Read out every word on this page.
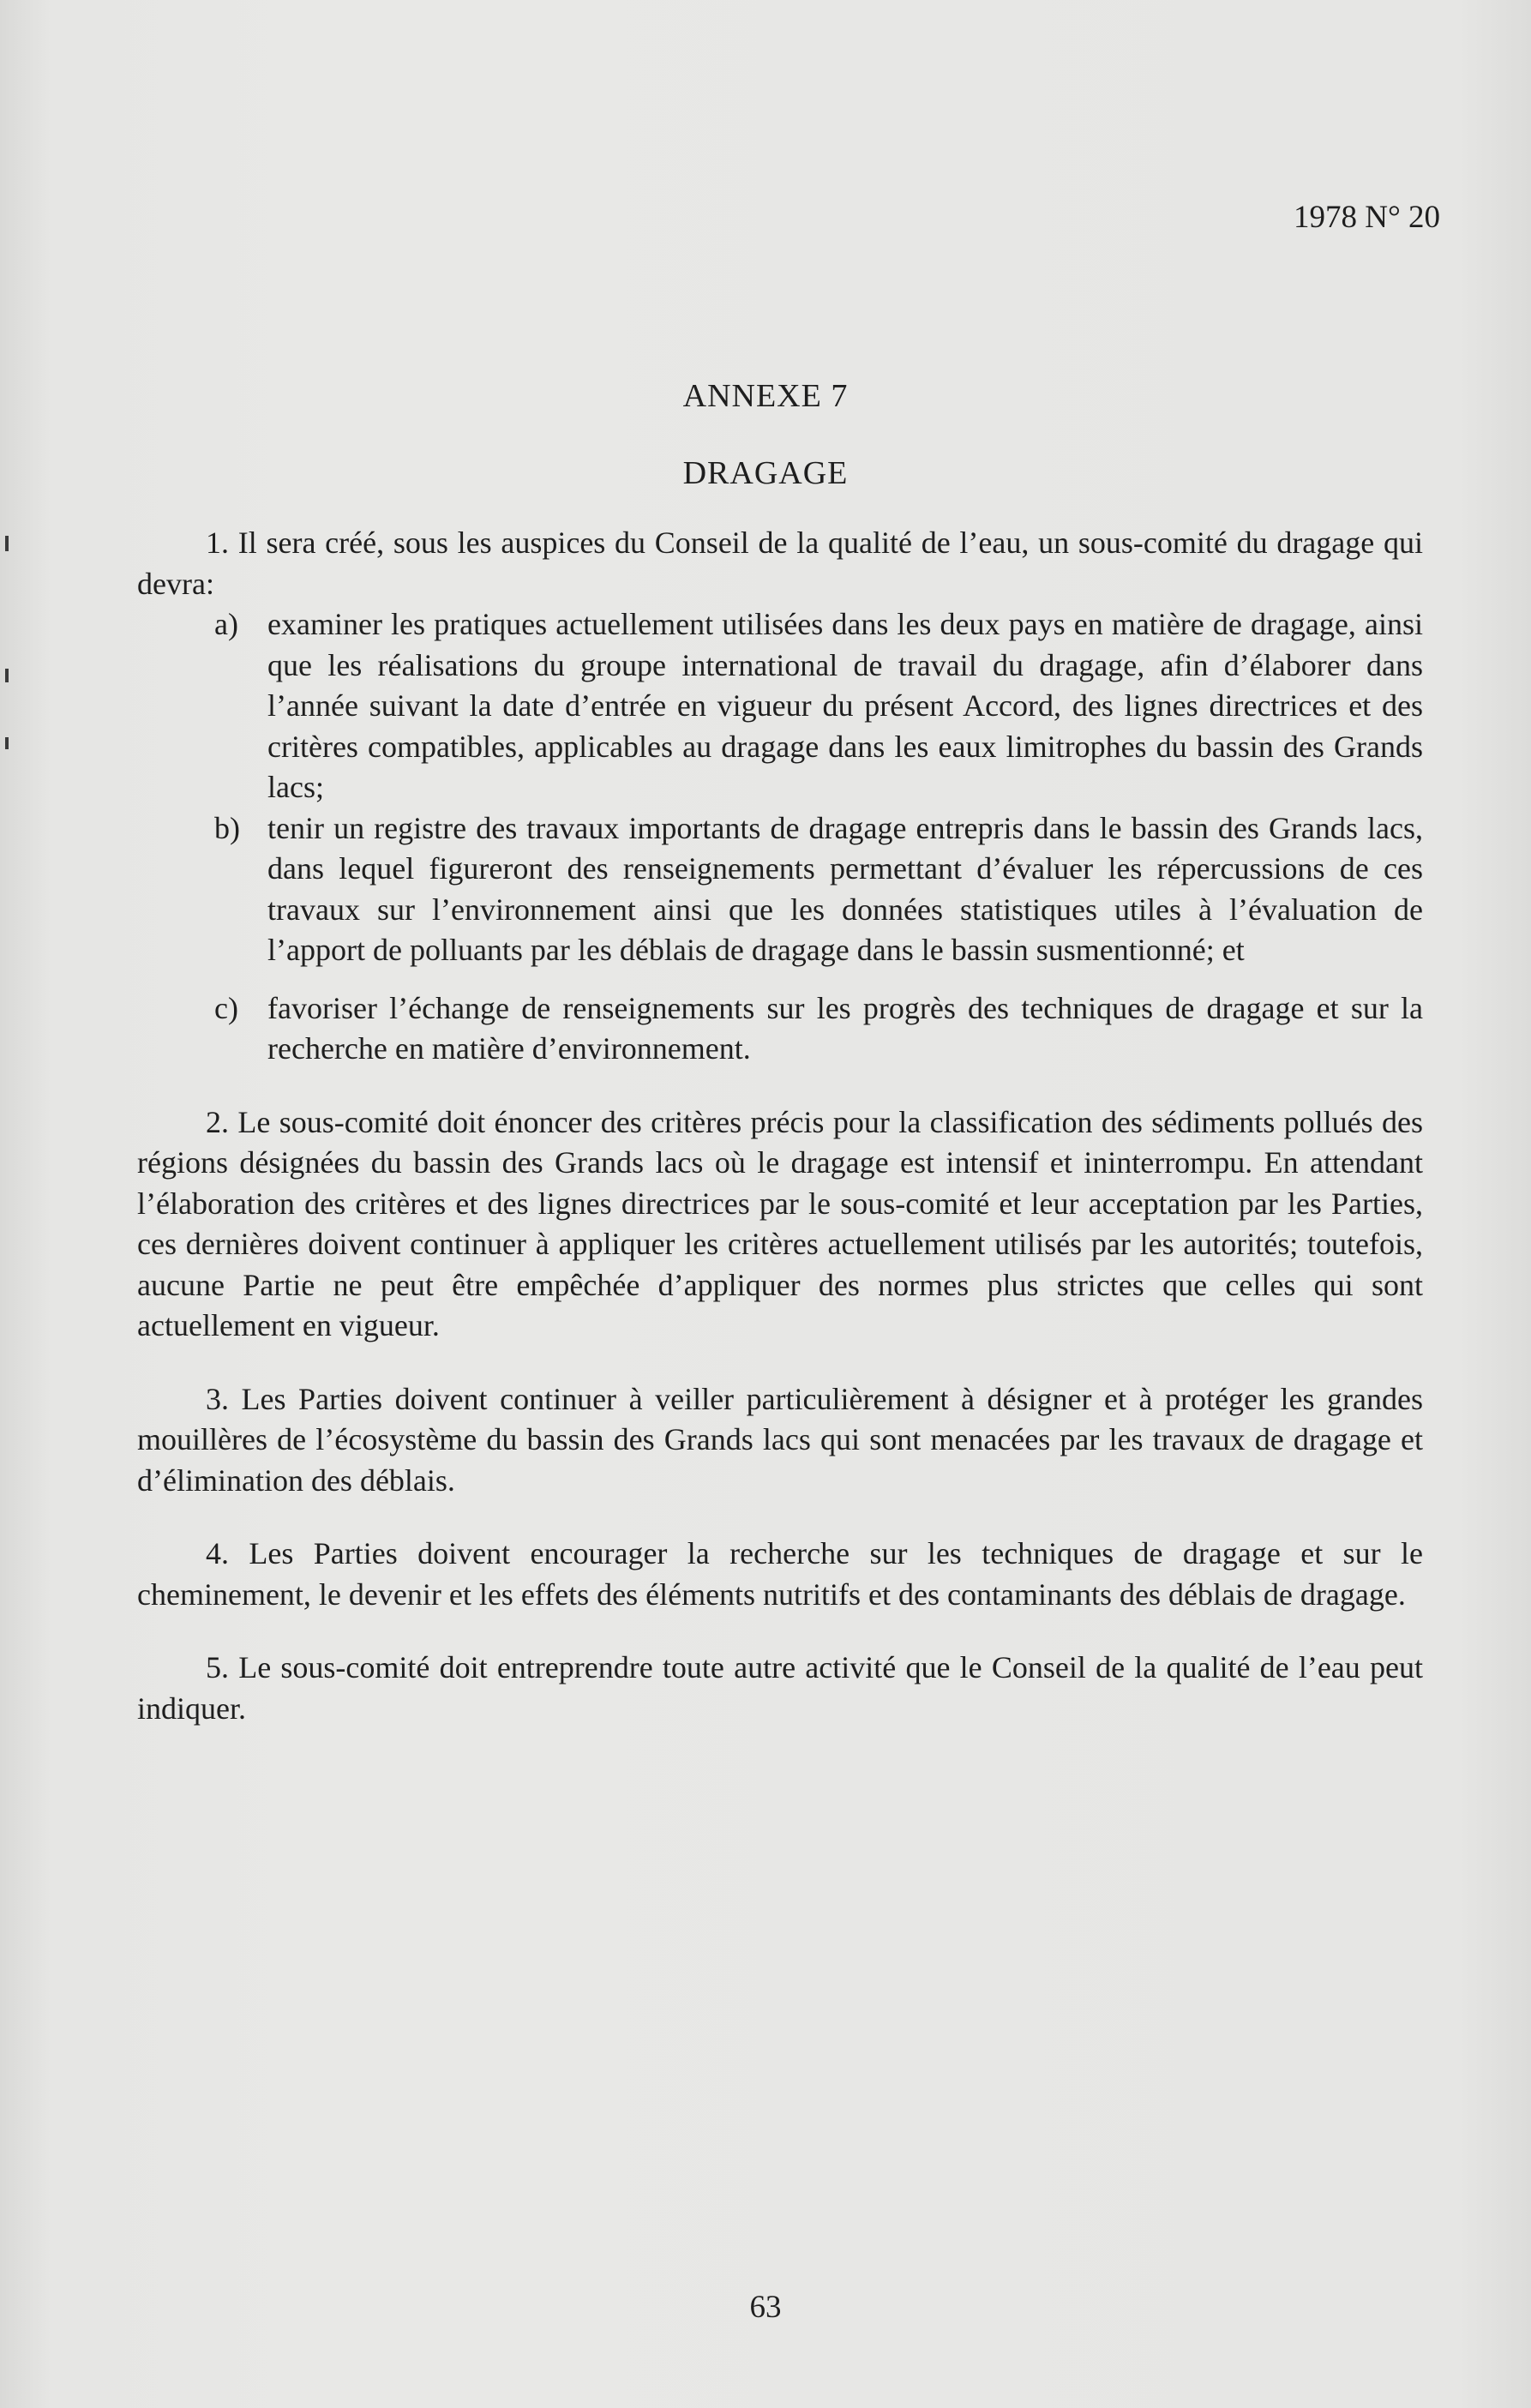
1978 N° 20
ANNEXE 7
DRAGAGE

1. Il sera créé, sous les auspices du Conseil de la qualité de l’eau, un sous-comité du dragage qui devra:

a) examiner les pratiques actuellement utilisées dans les deux pays en matière de dragage, ainsi que les réalisations du groupe international de travail du dragage, afin d’élaborer dans l’année suivant la date d’entrée en vigueur du présent Accord, des lignes directrices et des critères compatibles, applicables au dragage dans les eaux limitrophes du bassin des Grands lacs;
b) tenir un registre des travaux importants de dragage entrepris dans le bassin des Grands lacs, dans lequel figureront des renseignements permettant d’évaluer les répercussions de ces travaux sur l’environnement ainsi que les données statistiques utiles à l’évaluation de l’apport de polluants par les déblais de dragage dans le bassin susmentionné; et
c) favoriser l’échange de renseignements sur les progrès des techniques de dragage et sur la recherche en matière d’environnement.

2. Le sous-comité doit énoncer des critères précis pour la classification des sédiments pollués des régions désignées du bassin des Grands lacs où le dragage est intensif et ininterrompu. En attendant l’élaboration des critères et des lignes directrices par le sous-comité et leur acceptation par les Parties, ces dernières doivent continuer à appliquer les critères actuellement utilisés par les autorités; toutefois, aucune Partie ne peut être empêchée d’appliquer des normes plus strictes que celles qui sont actuellement en vigueur.

3. Les Parties doivent continuer à veiller particulièrement à désigner et à protéger les grandes mouillères de l’écosystème du bassin des Grands lacs qui sont menacées par les travaux de dragage et d’élimination des déblais.

4. Les Parties doivent encourager la recherche sur les techniques de dragage et sur le cheminement, le devenir et les effets des éléments nutritifs et des contaminants des déblais de dragage.

5. Le sous-comité doit entreprendre toute autre activité que le Conseil de la qualité de l’eau peut indiquer.

63
